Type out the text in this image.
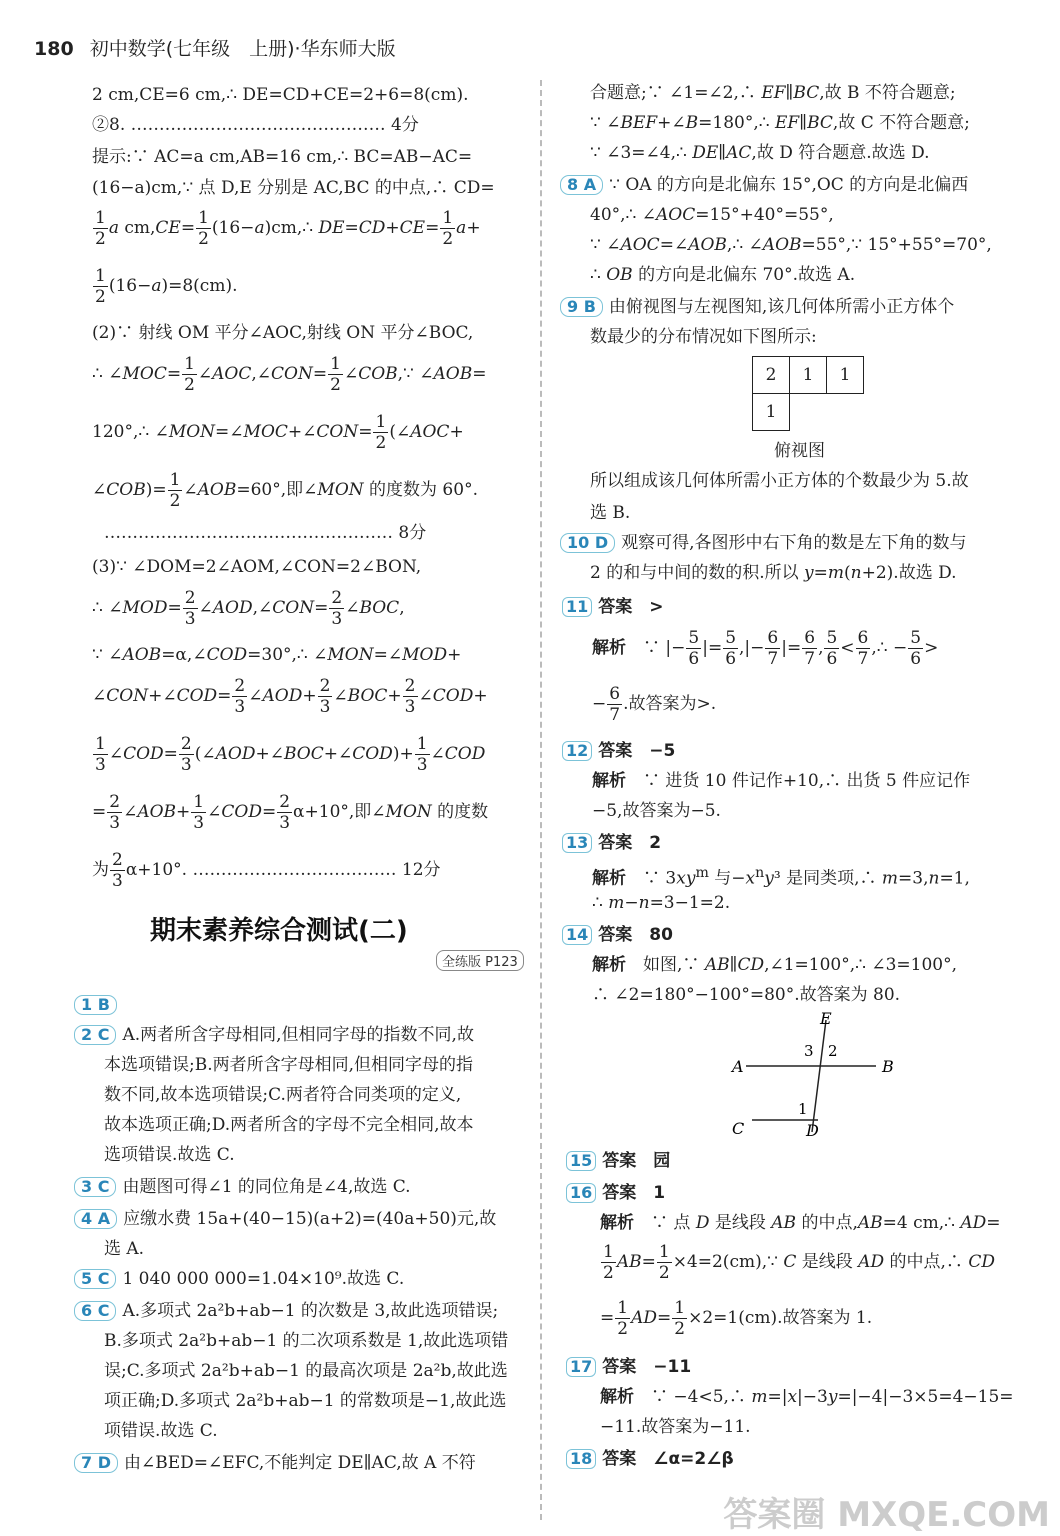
180 初中数学(七年级　上册)·华东师大版
2 cm,CE=6 cm,∴ DE=CD+CE=2+6=8(cm).
②8. ……………………………………… 4分
提示:∵ AC=a cm,AB=16 cm,∴ BC=AB−AC=
(16−a)cm,∵ 点 D,E 分别是 AC,BC 的中点,∴ CD=
$\frac{1}{2}$ a $cm,CE= \frac{1}{2}$ (16−a)cm,∴ $DE=CD+CE= \frac{1}{2} a+$
$\frac{1}{2} (16-a)=8(cm)$.
(2)∵ 射线 OM 平分∠AOC,射线 ON 平分∠BOC,
∴ ∠MOC= $\frac{1}{2}$ ∠AOC,∠CON= $\frac{1}{2}$ ∠COB,∵ ∠AOB=
120°,∴ ∠MON=∠MOC+∠CON= $\frac{1}{2}$ (∠AOC+
∠COB)= $\frac{1}{2}$ ∠AOB=60°,即∠MON 的度数为 60°.
…………………………………………… 8分
(3)∵ ∠DOM=2∠AOM,∠CON=2∠BON,
∴ ∠MOD= $\frac{2}{3}$ ∠AOD,∠CON= $\frac{2}{3}$ ∠BOC,
∵ ∠AOB=α,∠COD=30°,∴ ∠MON=∠MOD+
∠CON+∠COD= $\frac{2}{3}$ ∠AOD+ $\frac{2}{3}$ ∠BOC+ $\frac{2}{3}$ ∠COD+
$\frac{1}{3}$ ∠COD= $\frac{2}{3}$ (∠AOD+∠BOC+∠COD)+ $\frac{1}{3}$ ∠COD
= $\frac{2}{3}$ ∠AOB+ $\frac{1}{3}$ ∠COD= $\frac{2}{3} \alpha+10^\circ$,即∠MON 的度数
为 $\frac{2}{3} \alpha+10^\circ$. ……………………………… 12分
期末素养综合测试(二)
全练版 P123
1 B
2 C A.两者所含字母相同,但相同字母的指数不同,故
本选项错误;B.两者所含字母相同,但相同字母的指
数不同,故本选项错误;C.两者符合同类项的定义,
故本选项正确;D.两者所含的字母不完全相同,故本
选项错误.故选 C.
3 C 由题图可得∠1 的同位角是∠4,故选 C.
4 A 应缴水费 15a+(40−15)(a+2)=(40a+50)元,故
选 A.
5 C 1 040 000 000=1.04×10⁹.故选 C.
6 C A.多项式 2a²b+ab−1 的次数是 3,故此选项错误;
B.多项式 2a²b+ab−1 的二次项系数是 1,故此选项错
误;C.多项式 2a²b+ab−1 的最高次项是 2a²b,故此选
项正确;D.多项式 2a²b+ab−1 的常数项是−1,故此选
项错误.故选 C.
7 D 由∠BED=∠EFC,不能判定 DE∥AC,故 A 不符
合题意;∵ ∠1=∠2,∴ EF∥BC,故 B 不符合题意;
∵ ∠BEF+∠B=180°,∴ EF∥BC,故 C 不符合题意;
∵ ∠3=∠4,∴ DE∥AC,故 D 符合题意.故选 D.
8 A ∵ OA 的方向是北偏东 15°,OC 的方向是北偏西
40°,∴ ∠AOC=15°+40°=55°,
∵ ∠AOC=∠AOB,∴ ∠AOB=55°,∵ 15°+55°=70°,
∴ OB 的方向是北偏东 70°.故选 A.
9 B 由俯视图与左视图知,该几何体所需小正方体个
数最少的分布情况如下图所示:
2	1	1
1		
俯视图
所以组成该几何体所需小正方体的个数最少为 5.故
选 B.
10 D 观察可得,各图形中右下角的数是左下角的数与
2 的和与中间的数的积.所以 y=m(n+2).故选 D.
11 答案　>
解析　∵ |− $\frac{5}{6}$ |= $\frac{5}{6}$ ,|− $\frac{6}{7}$ |= $\frac{6}{7}$ , $\frac{5}{6} < \frac{6}{7}$ ,∴ − $\frac{5}{6}$ >
− $\frac{6}{7}$ .故答案为>.
12 答案　−5
解析　∵ 进货 10 件记作+10,∴ 出货 5 件应记作
−5,故答案为−5.
13 答案　2
解析　∵ $3xy^m$ 与$-x^ny^3$ 是同类项,∴ m=3,n=1,
∴ m−n=3−1=2.
14 答案　80
解析　如图,∵ AB∥CD,∠1=100°,∴ ∠3=100°,
∴ ∠2=180°−100°=80°.故答案为 80.
E
3 2
A	B
1
C	D
15 答案　园
16 答案　1
解析　∵ 点 D 是线段 AB 的中点,AB=4 cm,∴ AD=
$\frac{1}{2} AB= \frac{1}{2}$ ×4=2(cm),∵ C 是线段 AD 的中点,∴ CD
= $\frac{1}{2} AD= \frac{1}{2} \times 2=1(cm)$.故答案为 1.
17 答案　−11
解析　∵ −4<5,∴ m=|x|−3y=|−4|−3×5=4−15=
−11.故答案为−11.
18 答案　∠α=2∠β
答案圈 MXQE.COM
